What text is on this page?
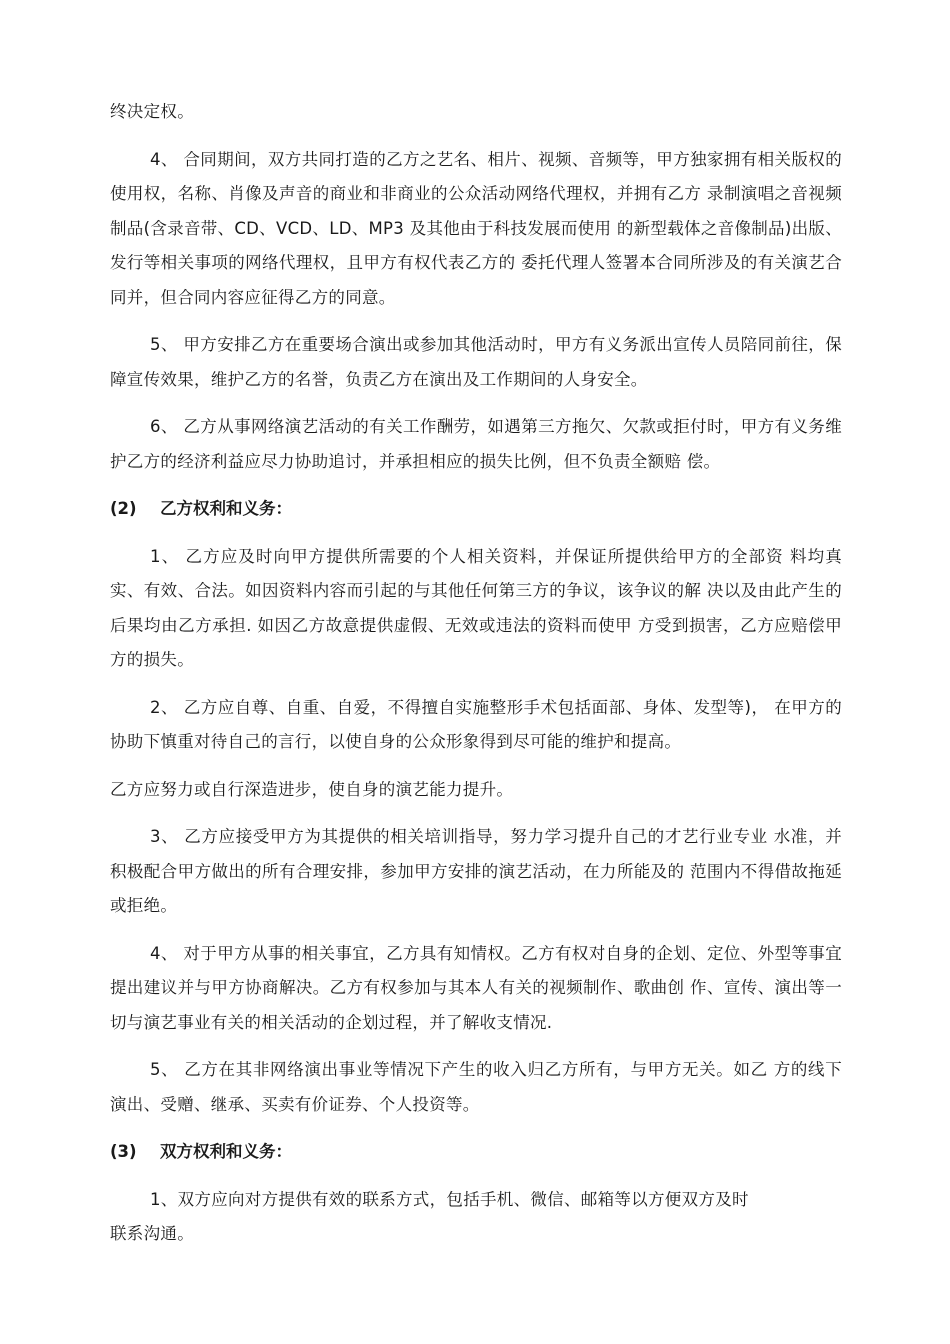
终决定权。

4、 合同期间，双方共同打造的乙方之艺名、相片、视频、音频等，甲方独家拥有相关版权的使用权，名称、肖像及声音的商业和非商业的公众活动网络代理权，并拥有乙方 录制演唱之音视频制品(含录音带、CD、VCD、LD、MP3 及其他由于科技发展而使用 的新型载体之音像制品)出版、发行等相关事项的网络代理权，且甲方有权代表乙方的 委托代理人签署本合同所涉及的有关演艺合同并，但合同内容应征得乙方的同意。

5、 甲方安排乙方在重要场合演出或参加其他活动时，甲方有义务派出宣传人员陪同前往，保障宣传效果，维护乙方的名誉，负责乙方在演出及工作期间的人身安全。

6、 乙方从事网络演艺活动的有关工作酬劳，如遇第三方拖欠、欠款或拒付时，甲方有义务维护乙方的经济利益应尽力协助追讨，并承担相应的损失比例，但不负责全额赔 偿。

(2)	乙方权利和义务：

1、 乙方应及时向甲方提供所需要的个人相关资料，并保证所提供给甲方的全部资 料均真实、有效、合法。如因资料内容而引起的与其他任何第三方的争议，该争议的解 决以及由此产生的后果均由乙方承担. 如因乙方故意提供虚假、无效或违法的资料而使甲 方受到损害，乙方应赔偿甲方的损失。

2、 乙方应自尊、自重、自爱，不得擅自实施整形手术包括面部、身体、发型等)， 在甲方的协助下慎重对待自己的言行，以使自身的公众形象得到尽可能的维护和提高。

乙方应努力或自行深造进步，使自身的演艺能力提升。

3、 乙方应接受甲方为其提供的相关培训指导，努力学习提升自己的才艺行业专业 水准，并积极配合甲方做出的所有合理安排，参加甲方安排的演艺活动，在力所能及的 范围内不得借故拖延或拒绝。

4、 对于甲方从事的相关事宜，乙方具有知情权。乙方有权对自身的企划、定位、外型等事宜提出建议并与甲方协商解决。乙方有权参加与其本人有关的视频制作、歌曲创 作、宣传、演出等一切与演艺事业有关的相关活动的企划过程，并了解收支情况.

5、 乙方在其非网络演出事业等情况下产生的收入归乙方所有，与甲方无关。如乙 方的线下演出、受赠、继承、买卖有价证券、个人投资等。

(3)	双方权利和义务：

1、双方应向对方提供有效的联系方式，包括手机、微信、邮箱等以方便双方及时

联系沟通。
